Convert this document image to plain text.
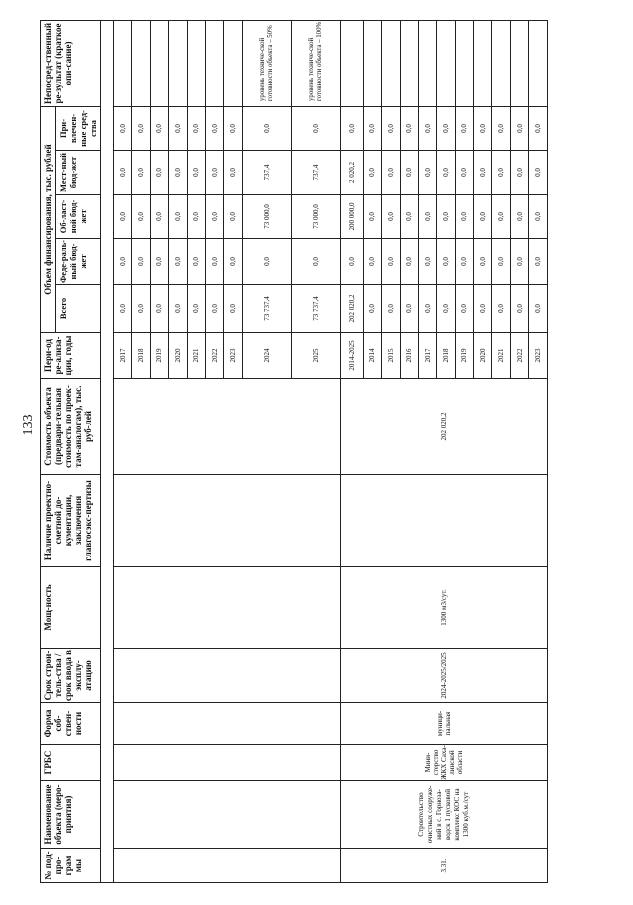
133
№ под-про-грам мы	Наименование объекта (меро-приятия)	ГРБС	Форма соб-ствен-ности	Срок строи-тель-ства / срок ввода в эксплу-атацию	Мощ-ность	Наличие проектно-сметной до-кументации, заключения главгосэкс-пертизы	Стоимость объекта (предвари-тельная стоимость по проек-там-аналогам), тыс. руб-лей	Пери-од ре-ализа-ции, годы	Объем финансирования, тыс. рублей					Непосред-ственный ре-зультат (краткое опи-сание)
									Всего	Феде-раль-ный бюд-жет	Об-ласт-ной бюд-жет	Мест-ный бюд-жет	При-влечен-ные сред-ства	

								2017	0,0	0,0	0,0	0,0	0,0	
								2018	0,0	0,0	0,0	0,0	0,0	
								2019	0,0	0,0	0,0	0,0	0,0	
								2020	0,0	0,0	0,0	0,0	0,0	
								2021	0,0	0,0	0,0	0,0	0,0	
								2022	0,0	0,0	0,0	0,0	0,0	
								2023	0,0	0,0	0,0	0,0	0,0	
								2024	73 737,4	0,0	73 000,0	737,4	0,0	уровень техниче-ской готовности объекта – 50%
								2025	73 737,4	0,0	73 000,0	737,4	0,0	уровень техниче-ской готовности объекта – 100%
3.31.	Строительство очистных сооруже-ний в с. Горнoза-водск 1 пусковой комплекс КОС на 1300 куб.м./сут	Мини-стерство ЖКХ Саха-линской области	муници-пальная	2024-2025/2025	1300 м3/сут.		202 020,2	2014-2025	202 020,2	0,0	200 000,0	2 020,2	0,0	
								2014	0,0	0,0	0,0	0,0	0,0	
								2015	0,0	0,0	0,0	0,0	0,0	
								2016	0,0	0,0	0,0	0,0	0,0	
								2017	0,0	0,0	0,0	0,0	0,0	
								2018	0,0	0,0	0,0	0,0	0,0	
								2019	0,0	0,0	0,0	0,0	0,0	
								2020	0,0	0,0	0,0	0,0	0,0	
								2021	0,0	0,0	0,0	0,0	0,0	
								2022	0,0	0,0	0,0	0,0	0,0	
								2023	0,0	0,0	0,0	0,0	0,0	
